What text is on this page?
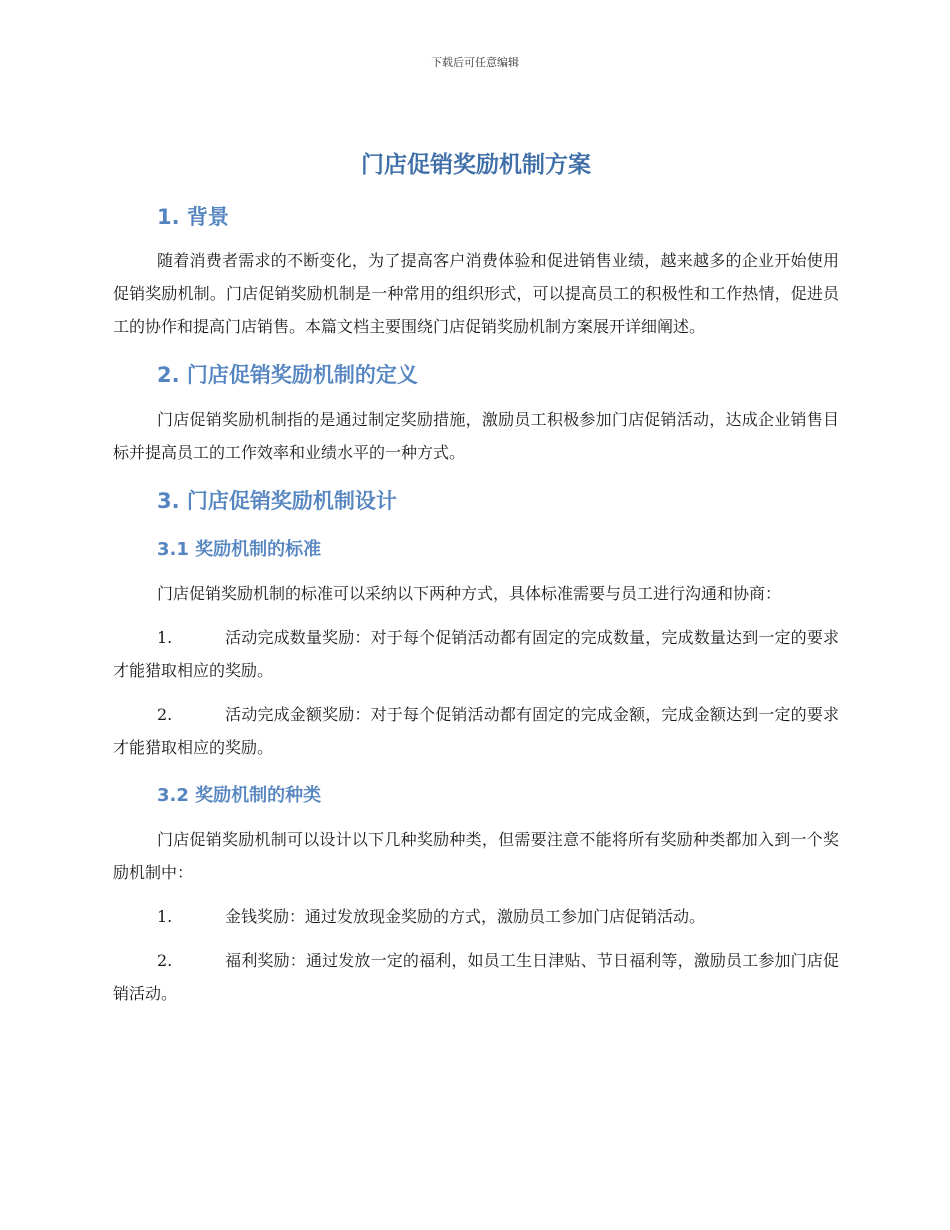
下载后可任意编辑
门店促销奖励机制方案
1. 背景

随着消费者需求的不断变化，为了提高客户消费体验和促进销售业绩，越来越多的企业开始使用促销奖励机制。门店促销奖励机制是一种常用的组织形式，可以提高员工的积极性和工作热情，促进员工的协作和提高门店销售。本篇文档主要围绕门店促销奖励机制方案展开详细阐述。

2. 门店促销奖励机制的定义

门店促销奖励机制指的是通过制定奖励措施，激励员工积极参加门店促销活动，达成企业销售目标并提高员工的工作效率和业绩水平的一种方式。

3. 门店促销奖励机制设计
3.1 奖励机制的标准

门店促销奖励机制的标准可以采纳以下两种方式，具体标准需要与员工进行沟通和协商：

1.	活动完成数量奖励：对于每个促销活动都有固定的完成数量，完成数量达到一定的要求才能猎取相应的奖励。

2.	活动完成金额奖励：对于每个促销活动都有固定的完成金额，完成金额达到一定的要求才能猎取相应的奖励。

3.2 奖励机制的种类

门店促销奖励机制可以设计以下几种奖励种类，但需要注意不能将所有奖励种类都加入到一个奖励机制中：

1.	金钱奖励：通过发放现金奖励的方式，激励员工参加门店促销活动。

2.	福利奖励：通过发放一定的福利，如员工生日津贴、节日福利等，激励员工参加门店促销活动。
